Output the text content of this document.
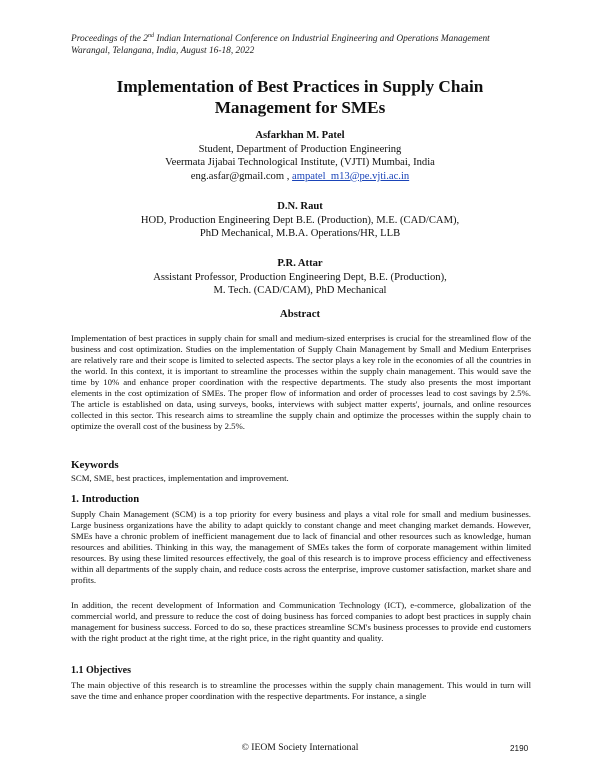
Proceedings of the 2nd Indian International Conference on Industrial Engineering and Operations Management
Warangal, Telangana, India, August 16-18, 2022
Implementation of Best Practices in Supply Chain
Management for SMEs
Asfarkhan M. Patel
Student, Department of Production Engineering
Veermata Jijabai Technological Institute, (VJTI) Mumbai, India
eng.asfar@gmail.com , ampatel_m13@pe.vjti.ac.in
D.N. Raut
HOD, Production Engineering Dept B.E. (Production), M.E. (CAD/CAM),
PhD Mechanical, M.B.A. Operations/HR, LLB
P.R. Attar
Assistant Professor, Production Engineering Dept, B.E. (Production),
M. Tech. (CAD/CAM), PhD Mechanical
Abstract
Implementation of best practices in supply chain for small and medium-sized enterprises is crucial for the streamlined flow of the business and cost optimization. Studies on the implementation of Supply Chain Management by Small and Medium Enterprises are relatively rare and their scope is limited to selected aspects. The sector plays a key role in the economies of all the countries in the world. In this context, it is important to streamline the processes within the supply chain management. This would save the time by 10% and enhance proper coordination with the respective departments. The study also presents the most important elements in the cost optimization of SMEs. The proper flow of information and order of processes lead to cost savings by 2.5%. The article is established on data, using surveys, books, interviews with subject matter experts', journals, and online resources collected in this sector. This research aims to streamline the supply chain and optimize the processes within the supply chain to optimize the overall cost of the business by 2.5%.
Keywords
SCM, SME, best practices, implementation and improvement.
1. Introduction
Supply Chain Management (SCM) is a top priority for every business and plays a vital role for small and medium businesses. Large business organizations have the ability to adapt quickly to constant change and meet changing market demands. However, SMEs have a chronic problem of inefficient management due to lack of financial and other resources such as knowledge, human resources and abilities. Thinking in this way, the management of SMEs takes the form of corporate management within limited resources. By using these limited resources effectively, the goal of this research is to improve process efficiency and effectiveness within all departments of the supply chain, and reduce costs across the enterprise, improve customer satisfaction, market share and profits.
In addition, the recent development of Information and Communication Technology (ICT), e-commerce, globalization of the commercial world, and pressure to reduce the cost of doing business has forced companies to adopt best practices in supply chain management for business success. Forced to do so, these practices streamline SCM's business processes to provide end customers with the right product at the right time, at the right price, in the right quantity and quality.
1.1 Objectives
The main objective of this research is to streamline the processes within the supply chain management. This would in turn will save the time and enhance proper coordination with the respective departments. For instance, a single
© IEOM Society International	2190
